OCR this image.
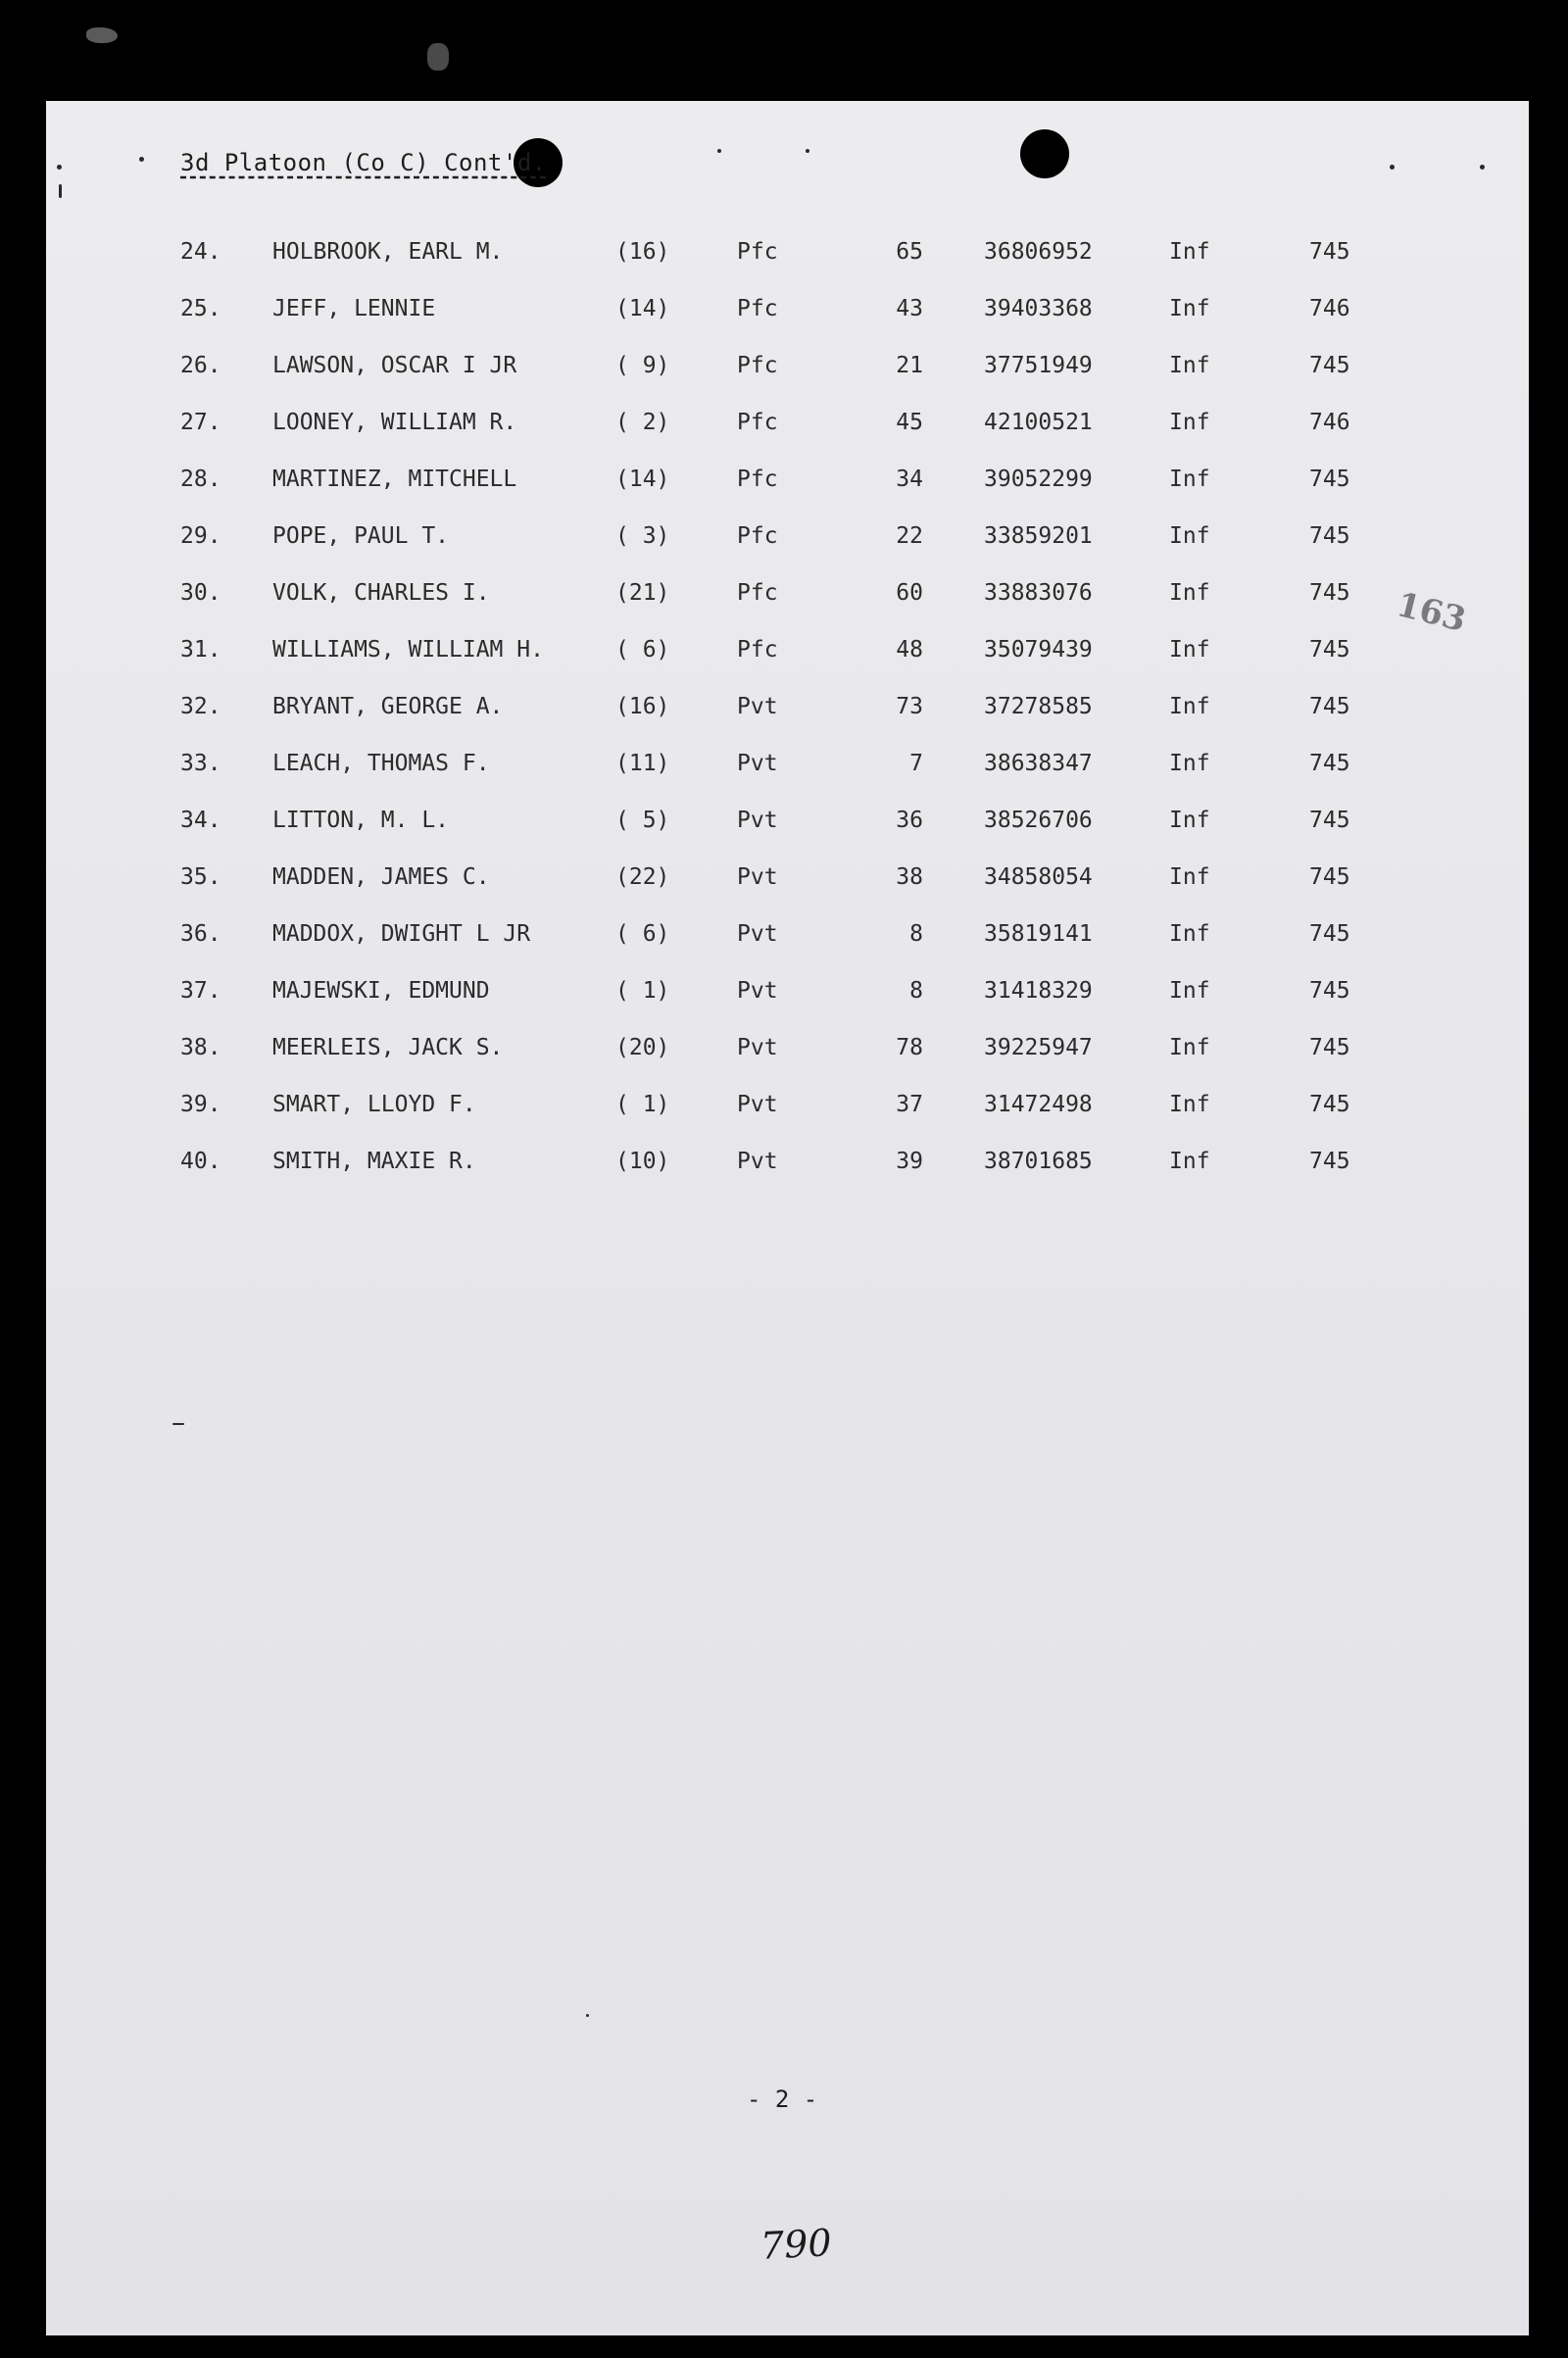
3d Platoon (Co C) Cont'd.
24. HOLBROOK, EARL M.	(16)	Pfc	65	36806952	Inf	745
25. JEFF, LENNIE	(14)	Pfc	43	39403368	Inf	746
26. LAWSON, OSCAR I JR	( 9)	Pfc	21	37751949	Inf	745
27. LOONEY, WILLIAM R.	( 2)	Pfc	45	42100521	Inf	746
28. MARTINEZ, MITCHELL	(14)	Pfc	34	39052299	Inf	745
29. POPE, PAUL T.	( 3)	Pfc	22	33859201	Inf	745
30. VOLK, CHARLES I.	(21)	Pfc	60	33883076	Inf	745
31. WILLIAMS, WILLIAM H.	( 6)	Pfc	48	35079439	Inf	745
32. BRYANT, GEORGE A.	(16)	Pvt	73	37278585	Inf	745
33. LEACH, THOMAS F.	(11)	Pvt	7	38638347	Inf	745
34. LITTON, M. L.	( 5)	Pvt	36	38526706	Inf	745
35. MADDEN, JAMES C.	(22)	Pvt	38	34858054	Inf	745
36. MADDOX, DWIGHT L JR	( 6)	Pvt	8	35819141	Inf	745
37. MAJEWSKI, EDMUND	( 1)	Pvt	8	31418329	Inf	745
38. MEERLEIS, JACK S.	(20)	Pvt	78	39225947	Inf	745
39. SMART, LLOYD F.	( 1)	Pvt	37	31472498	Inf	745
40. SMITH, MAXIE R.	(10)	Pvt	39	38701685	Inf	745
163
- 2 -
790
